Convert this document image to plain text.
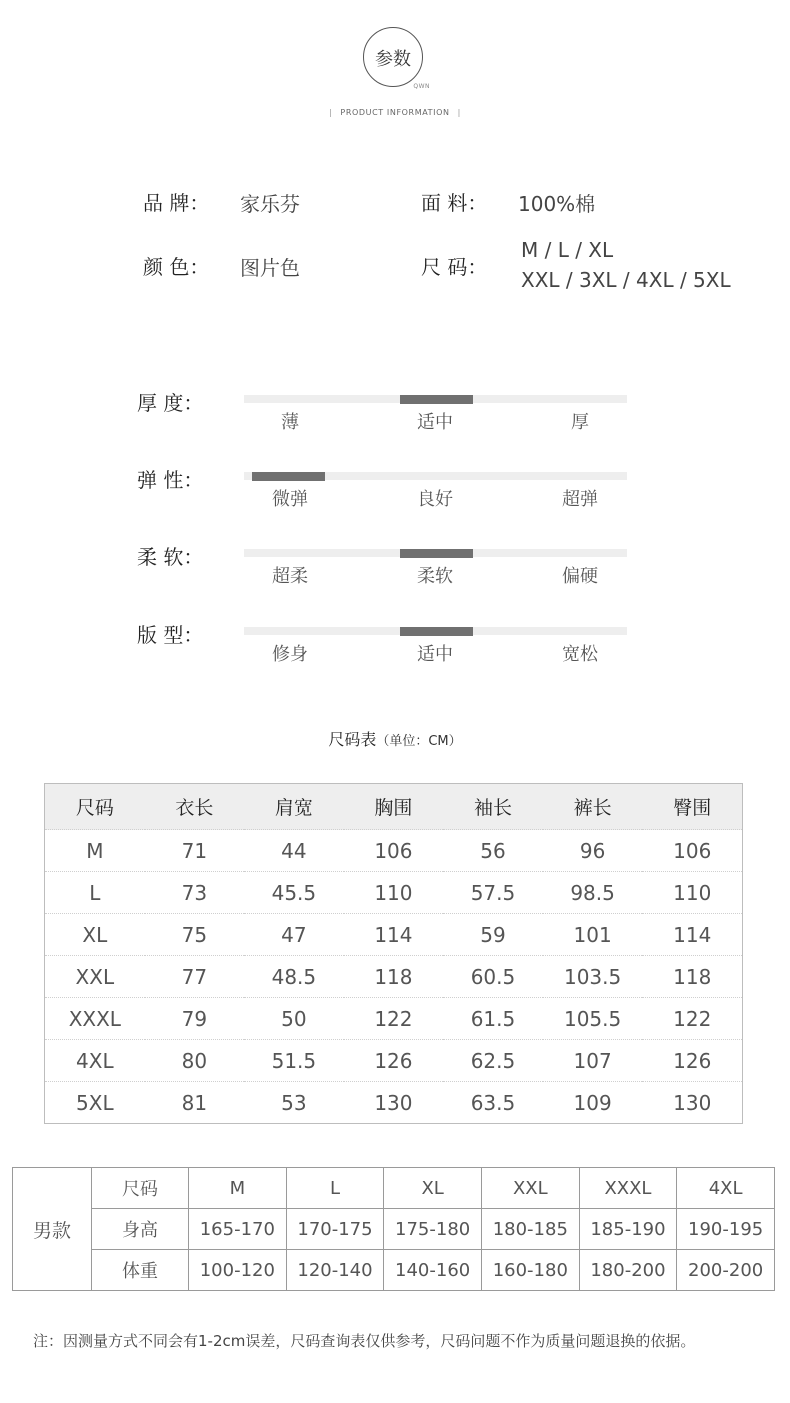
参数
QWN
| PRODUCT INFORMATION |
品 牌： 家乐芬	面 料： 100%棉
颜 色： 图片色	尺 码：
M / L / XL
XXL / 3XL / 4XL / 5XL
厚 度：
薄	适中	厚
弹 性：
微弹	良好	超弹
柔 软：
超柔	柔软	偏硬
版 型：
修身	适中	宽松
尺码表（单位：CM）
尺码	衣长	肩宽	胸围	袖长	裤长	臀围
M	71	44	106	56	96	106
L	73	45.5	110	57.5	98.5	110
XL	75	47	114	59	101	114
XXL	77	48.5	118	60.5	103.5	118
XXXL	79	50	122	61.5	105.5	122
4XL	80	51.5	126	62.5	107	126
5XL	81	53	130	63.5	109	130
男款	尺码	M	L	XL	XXL	XXXL	4XL
	身高	165-170	170-175	175-180	180-185	185-190	190-195
	体重	100-120	120-140	140-160	160-180	180-200	200-200
注：因测量方式不同会有1-2cm误差，尺码查询表仅供参考，尺码问题不作为质量问题退换的依据。
